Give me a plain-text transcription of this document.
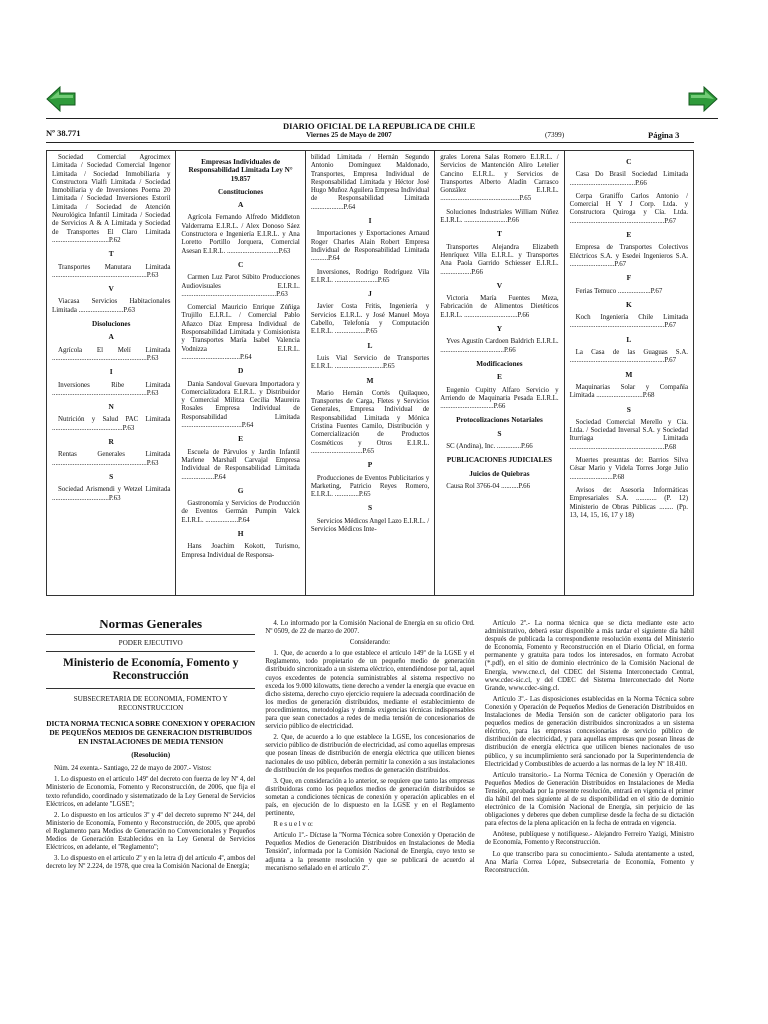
DIARIO OFICIAL DE LA REPUBLICA DE CHILE
Nº 38.771	Viernes 25 de Mayo de 2007	(7399)	Página 3

Sociedad Comercial Agrocimex Limitada / Sociedad Comercial Ingenor Limitada / Sociedad Inmobiliaria y Constructora Vialfi Limitada / Sociedad Inmobiliaria y de Inversiones Poema 20 Limitada / Sociedad Inversiones Estoril Limitada / Sociedad de Atención Neurológica Infantil Limitada / Sociedad de Servicios A & A Limitada y Sociedad de Transportes El Claro Limitada .................................P.62

T

Transportes Manutara Limitada .......................................................P.63

V

Viacasa Servicios Habitacionales Limitada ..........................P.63

Disoluciones
A

Agrícola El Melí Limitada .......................................................P.63

I

Inversiones Ribe Limitada .......................................................P.63

N

Nutrición y Salud PAC Limitada .........................................P.63

R

Rentas Generales Limitada .......................................................P.63

S

Sociedad Arismendi y Wetzel Limitada .................................P.63

Empresas Individuales de Responsabilidad Limitada Ley N° 19.857
Constituciones
A

Agrícola Fernando Alfredo Middleton Valderrama E.I.R.L. / Alex Donoso Sáez Constructora e Ingeniería E.I.R.L. y Ana Loretto Portillo Jorquera, Comercial Asesan E.I.R.L. ..............................P.63

C

Carmen Luz Parot Súbito Producciones Audiovisuales E.I.R.L. .......................................................P.63

Comercial Mauricio Enrique Zúñiga Trujillo E.I.R.L. / Comercial Pablo Añazco Díaz Empresa Individual de Responsabilidad Limitada y Comisionista y Transportes María Isabel Valencia Vodnizza E.I.R.L. ..................................P.64

D

Dania Sandoval Guevara Importadora y Comercializadora E.I.R.L. y Distribuidor y Comercial Militza Cecilia Maureira Rosales Empresa Individual de Responsabilidad Limitada ...................................P.64

E

Escuela de Párvulos y Jardín Infantil Marlene Marshall Carvajal Empresa Individual de Responsabilidad Limitada ...................P.64

G

Gastronomía y Servicios de Producción de Eventos Germán Pumpin Valck E.I.R.L. ...................P.64

H

Hans Joachim Kokott, Turismo, Empresa Individual de Responsa-

bilidad Limitada / Hernán Segundo Antonio Domínguez Maldonado, Transportes, Empresa Individual de Responsabilidad Limitada y Héctor José Hugo Muñoz Aguilera Empresa Individual de Responsabilidad Limitada ...................P.64

I

Importaciones y Exportaciones Arnaud Roger Charles Alain Robert Empresa Individual de Responsabilidad Limitada ..........P.64

Inversiones, Rodrigo Rodríguez Vila E.I.R.L. .........................P.65

J

Javier Costa Fritis, Ingeniería y Servicios E.I.R.L. y José Manuel Moya Cabello, Telefonía y Computación E.I.R.L. ..................P.65

L

Luis Vial Servicio de Transportes E.I.R.L. ............................P.65

M

Mario Hernán Cortés Quilaqueo, Transportes de Carga, Fletes y Servicios Generales, Empresa Individual de Responsabilidad Limitada y Mónica Cristina Fuentes Camilo, Distribución y Comercialización de Productos Cosméticos y Otros E.I.R.L. ..............................P.65

P

Producciones de Eventos Publicitarios y Marketing, Patricio Reyes Romero, E.I.R.L. ..............P.65

S

Servicios Médicos Angel Lazo E.I.R.L. / Servicios Médicos Inte-

grales Lorena Salas Romero E.I.R.L. / Servicios de Mantención Aliro Letelier Cancino E.I.R.L. y Servicios de Transportes Alberto Aladín Carrasco González E.I.R.L. ..............................................P.65

Soluciones Industriales William Núñez E.I.R.L. .........................P.66

T

Transportes Alejandra Elizabeth Henríquez Villa E.I.R.L. y Transportes Ana Paola Garrido Schiesser E.I.R.L. ..................P.66

V

Victoria María Fuentes Meza, Fabricación de Alimentos Dietéticos E.I.R.L. ...............................P.66

Y

Yves Agustín Cardoen Baldrich E.I.R.L. .....................................P.66

Modificaciones
E

Eugenio Cupitty Alfaro Servicio y Arriendo de Maquinaria Pesada E.I.R.L. ...............................P.66

Protocolizaciones Notariales
S

SC (Andina), Inc. ..............P.66

PUBLICACIONES JUDICIALES
Juicios de Quiebras

Causa Rol 3766-04 ..........P.66

C

Casa Do Brasil Sociedad Limitada ......................................P.66

Cerpa Graniffo Carlos Antonio / Comercial H Y J Corp. Ltda. y Constructora Quiroga y Cía. Ltda. .......................................................P.67

E

Empresa de Transportes Colectivos Eléctricos S.A. y Esedei Ingenieros S.A. ..........................P.67

F

Ferias Temuco ...................P.67

K

Koch Ingeniería Chile Limitada .......................................................P.67

L

La Casa de las Guaguas S.A. .......................................................P.67

M

Maquinarias Solar y Compañía Limitada ...........................P.68

S

Sociedad Comercial Merello y Cía. Ltda. / Sociedad Inversal S.A. y Sociedad Iturriaga Limitada .......................................................P.68

Muertes presuntas de: Barrios Silva César Mario y Videla Torres Jorge Julio .........................P.68

Avisos de: Asesoría Informáticas Empresariales S.A. ............ (P. 12) Ministerio de Obras Públicas ........ (Pp. 13, 14, 15, 16, 17 y 18)

Normas Generales
PODER EJECUTIVO
Ministerio de Economía, Fomento y Reconstrucción
SUBSECRETARIA DE ECONOMIA, FOMENTO Y RECONSTRUCCION
DICTA NORMA TECNICA SOBRE CONEXION Y OPERACION DE PEQUEÑOS MEDIOS DE GENERACION DISTRIBUIDOS EN INSTALACIONES DE MEDIA TENSION
(Resolución)

Núm. 24 exenta.- Santiago, 22 de mayo de 2007.- Vistos:

1. Lo dispuesto en el artículo 149º del decreto con fuerza de ley Nº 4, del Ministerio de Economía, Fomento y Reconstrucción, de 2006, que fija el texto refundido, coordinado y sistematizado de la Ley General de Servicios Eléctricos, en adelante ''LGSE'';

2. Lo dispuesto en los artículos 3º y 4º del decreto supremo Nº 244, del Ministerio de Economía, Fomento y Reconstrucción, de 2005, que aprobó el Reglamento para Medios de Generación no Convencionales y Pequeños Medios de Generación Establecidos en la Ley General de Servicios Eléctricos, en adelante, el ''Reglamento'';

3. Lo dispuesto en el artículo 2º y en la letra d) del artículo 4º, ambos del decreto ley Nº 2.224, de 1978, que crea la Comisión Nacional de Energía;

4. Lo informado por la Comisión Nacional de Energía en su oficio Ord. Nº 0509, de 22 de marzo de 2007.

Considerando:

1. Que, de acuerdo a lo que establece el artículo 149º de la LGSE y el Reglamento, todo propietario de un pequeño medio de generación distribuido sincronizado a un sistema eléctrico, entendiéndose por tal, aquel cuyos excedentes de potencia suministrables al sistema respectivo no exceda los 9.000 kilowatts, tiene derecho a vender la energía que evacue en dicho sistema, derecho cuyo ejercicio requiere la adecuada coordinación de los medios de generación distribuidos, mediante el establecimiento de procedimientos, metodologías y demás exigencias técnicas indispensables para que sean conectados a redes de media tensión de concesionarios de servicio público de electricidad.

2. Que, de acuerdo a lo que establece la LGSE, los concesionarios de servicio público de distribución de electricidad, así como aquellas empresas que posean líneas de distribución de energía eléctrica que utilicen bienes nacionales de uso público, deberán permitir la conexión a sus instalaciones de distribución de los pequeños medios de generación distribuidos.

3. Que, en consideración a lo anterior, se requiere que tanto las empresas distribuidoras como los pequeños medios de generación distribuidos se sometan a condiciones técnicas de conexión y operación aplicables en el país, en ejecución de lo dispuesto en la LGSE y en el Reglamento pertinente,

R e s u e l v o:

Artículo 1º.- Díctase la ''Norma Técnica sobre Conexión y Operación de Pequeños Medios de Generación Distribuidos en Instalaciones de Media Tensión'', informada por la Comisión Nacional de Energía, cuyo texto se adjunta a la presente resolución y que se publicará de acuerdo al mecanismo señalado en el artículo 2º.

Artículo 2º.- La norma técnica que se dicta mediante este acto administrativo, deberá estar disponible a más tardar el siguiente día hábil después de publicada la correspondiente resolución exenta del Ministerio de Economía, Fomento y Reconstrucción en el Diario Oficial, en forma permanente y gratuita para todos los interesados, en formato Acrobat (*.pdf), en el sitio de dominio electrónico de la Comisión Nacional de Energía, www.cne.cl, del CDEC del Sistema Interconectado Central, www.cdec-sic.cl, y del CDEC del Sistema Interconectado del Norte Grande, www.cdec-sing.cl.

Artículo 3º.- Las disposiciones establecidas en la Norma Técnica sobre Conexión y Operación de Pequeños Medios de Generación Distribuidos en Instalaciones de Media Tensión son de carácter obligatorio para los pequeños medios de generación distribuidos sincronizados a un sistema eléctrico, para las empresas concesionarias de servicio público de distribución de electricidad, y para aquellas empresas que posean líneas de distribución de energía eléctrica que utilicen bienes nacionales de uso público, y su incumplimiento será sancionado por la Superintendencia de Electricidad y Combustibles de acuerdo a las normas de la ley Nº 18.410.

Artículo transitorio.- La Norma Técnica de Conexión y Operación de Pequeños Medios de Generación Distribuidos en Instalaciones de Media Tensión, aprobada por la presente resolución, entrará en vigencia el primer día hábil del mes siguiente al de su disponibilidad en el sitio de dominio electrónico de la Comisión Nacional de Energía, sin perjuicio de las obligaciones y deberes que deben cumplirse desde la fecha de su dictación para efectos de la plena aplicación en la fecha de entrada en vigencia.

Anótese, publíquese y notifíquese.- Alejandro Ferreiro Yazigi, Ministro de Economía, Fomento y Reconstrucción.

Lo que transcribo para su conocimiento.- Saluda atentamente a usted, Ana María Correa López, Subsecretaria de Economía, Fomento y Reconstrucción.
